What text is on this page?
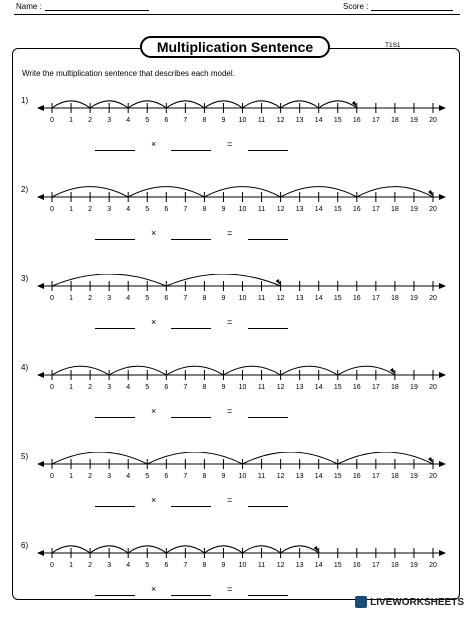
Name :	Score :
Multiplication Sentence	T1S1
Write the multiplication sentence that describes each model.
1)
0 1 2 3 4 5 6 7 8 9 10 11 12 13 14 15 16 17 18 19 20
×	=
2)
0 1 2 3 4 5 6 7 8 9 10 11 12 13 14 15 16 17 18 19 20
×	=
3)
0 1 2 3 4 5 6 7 8 9 10 11 12 13 14 15 16 17 18 19 20
×	=
4)
0 1 2 3 4 5 6 7 8 9 10 11 12 13 14 15 16 17 18 19 20
×	=
5)
0 1 2 3 4 5 6 7 8 9 10 11 12 13 14 15 16 17 18 19 20
×	=
6)
0 1 2 3 4 5 6 7 8 9 10 11 12 13 14 15 16 17 18 19 20
×	=
LIVEWORKSHEETS
